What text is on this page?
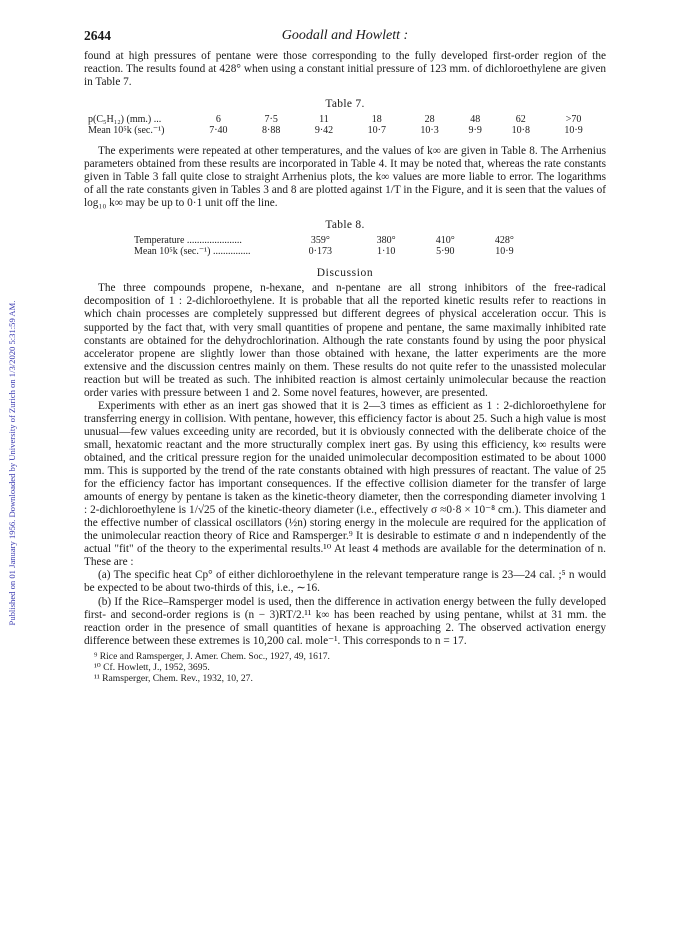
Published on 01 January 1956. Downloaded by University of Zurich on 1/3/2020 5:31:59 AM.
2644	Goodall and Howlett :

found at high pressures of pentane were those corresponding to the fully developed first-order region of the reaction. The results found at 428° when using a constant initial pressure of 123 mm. of dichloroethylene are given in Table 7.

Table 7.
p(C₅H₁₂) (mm.) ...	6	7·5	11	18	28	48	62	>70
Mean 10⁵k (sec.⁻¹)	7·40	8·88	9·42	10·7	10·3	9·9	10·8	10·9

The experiments were repeated at other temperatures, and the values of k∞ are given in Table 8. The Arrhenius parameters obtained from these results are incorporated in Table 4. It may be noted that, whereas the rate constants given in Table 3 fall quite close to straight Arrhenius plots, the k∞ values are more liable to error. The logarithms of all the rate constants given in Tables 3 and 8 are plotted against 1/T in the Figure, and it is seen that the values of log₁₀ k∞ may be up to 0·1 unit off the line.

Table 8.
Temperature ......................	359°	380°	410°	428°
Mean 10⁵k (sec.⁻¹) ...............	0·173	1·10	5·90	10·9
Discussion

The three compounds propene, n-hexane, and n-pentane are all strong inhibitors of the free-radical decomposition of 1 : 2-dichloroethylene. It is probable that all the reported kinetic results refer to reactions in which chain processes are completely suppressed but different degrees of physical acceleration occur. This is supported by the fact that, with very small quantities of propene and pentane, the same maximally inhibited rate constants are obtained for the dehydrochlorination. Although the rate constants found by using the poor physical accelerator propene are slightly lower than those obtained with hexane, the latter experiments are the more extensive and the discussion centres mainly on them. These results do not quite refer to the unassisted molecular reaction but will be treated as such. The inhibited reaction is almost certainly unimolecular because the reaction order varies with pressure between 1 and 2. Some novel features, however, are presented.

Experiments with ether as an inert gas showed that it is 2—3 times as efficient as 1 : 2-dichloroethylene for transferring energy in collision. With pentane, however, this efficiency factor is about 25. Such a high value is most unusual—few values exceeding unity are recorded, but it is obviously connected with the deliberate choice of the small, hexatomic reactant and the more structurally complex inert gas. By using this efficiency, k∞ results were obtained, and the critical pressure region for the unaided unimolecular decomposition estimated to be about 1000 mm. This is supported by the trend of the rate constants obtained with high pressures of reactant. The value of 25 for the efficiency factor has important consequences. If the effective collision diameter for the transfer of large amounts of energy by pentane is taken as the kinetic-theory diameter, then the corresponding diameter involving 1 : 2-dichloroethylene is 1/√25 of the kinetic-theory diameter (i.e., effectively σ ≈0·8 × 10⁻⁸ cm.). This diameter and the effective number of classical oscillators (½n) storing energy in the molecule are required for the application of the unimolecular reaction theory of Rice and Ramsperger.⁹ It is desirable to estimate σ and n independently of the actual "fit" of the theory to the experimental results.¹⁰ At least 4 methods are available for the determination of n. These are :

(a) The specific heat Cp° of either dichloroethylene in the relevant temperature range is 23—24 cal. ;⁵ n would be expected to be about two-thirds of this, i.e., ∼16.

(b) If the Rice–Ramsperger model is used, then the difference in activation energy between the fully developed first- and second-order regions is (n − 3)RT/2.¹¹ k∞ has been reached by using pentane, whilst at 31 mm. the reaction order in the presence of small quantities of hexane is approaching 2. The observed activation energy difference between these extremes is 10,200 cal. mole⁻¹. This corresponds to n = 17.

⁹ Rice and Ramsperger, J. Amer. Chem. Soc., 1927, 49, 1617.

¹⁰ Cf. Howlett, J., 1952, 3695.

¹¹ Ramsperger, Chem. Rev., 1932, 10, 27.
